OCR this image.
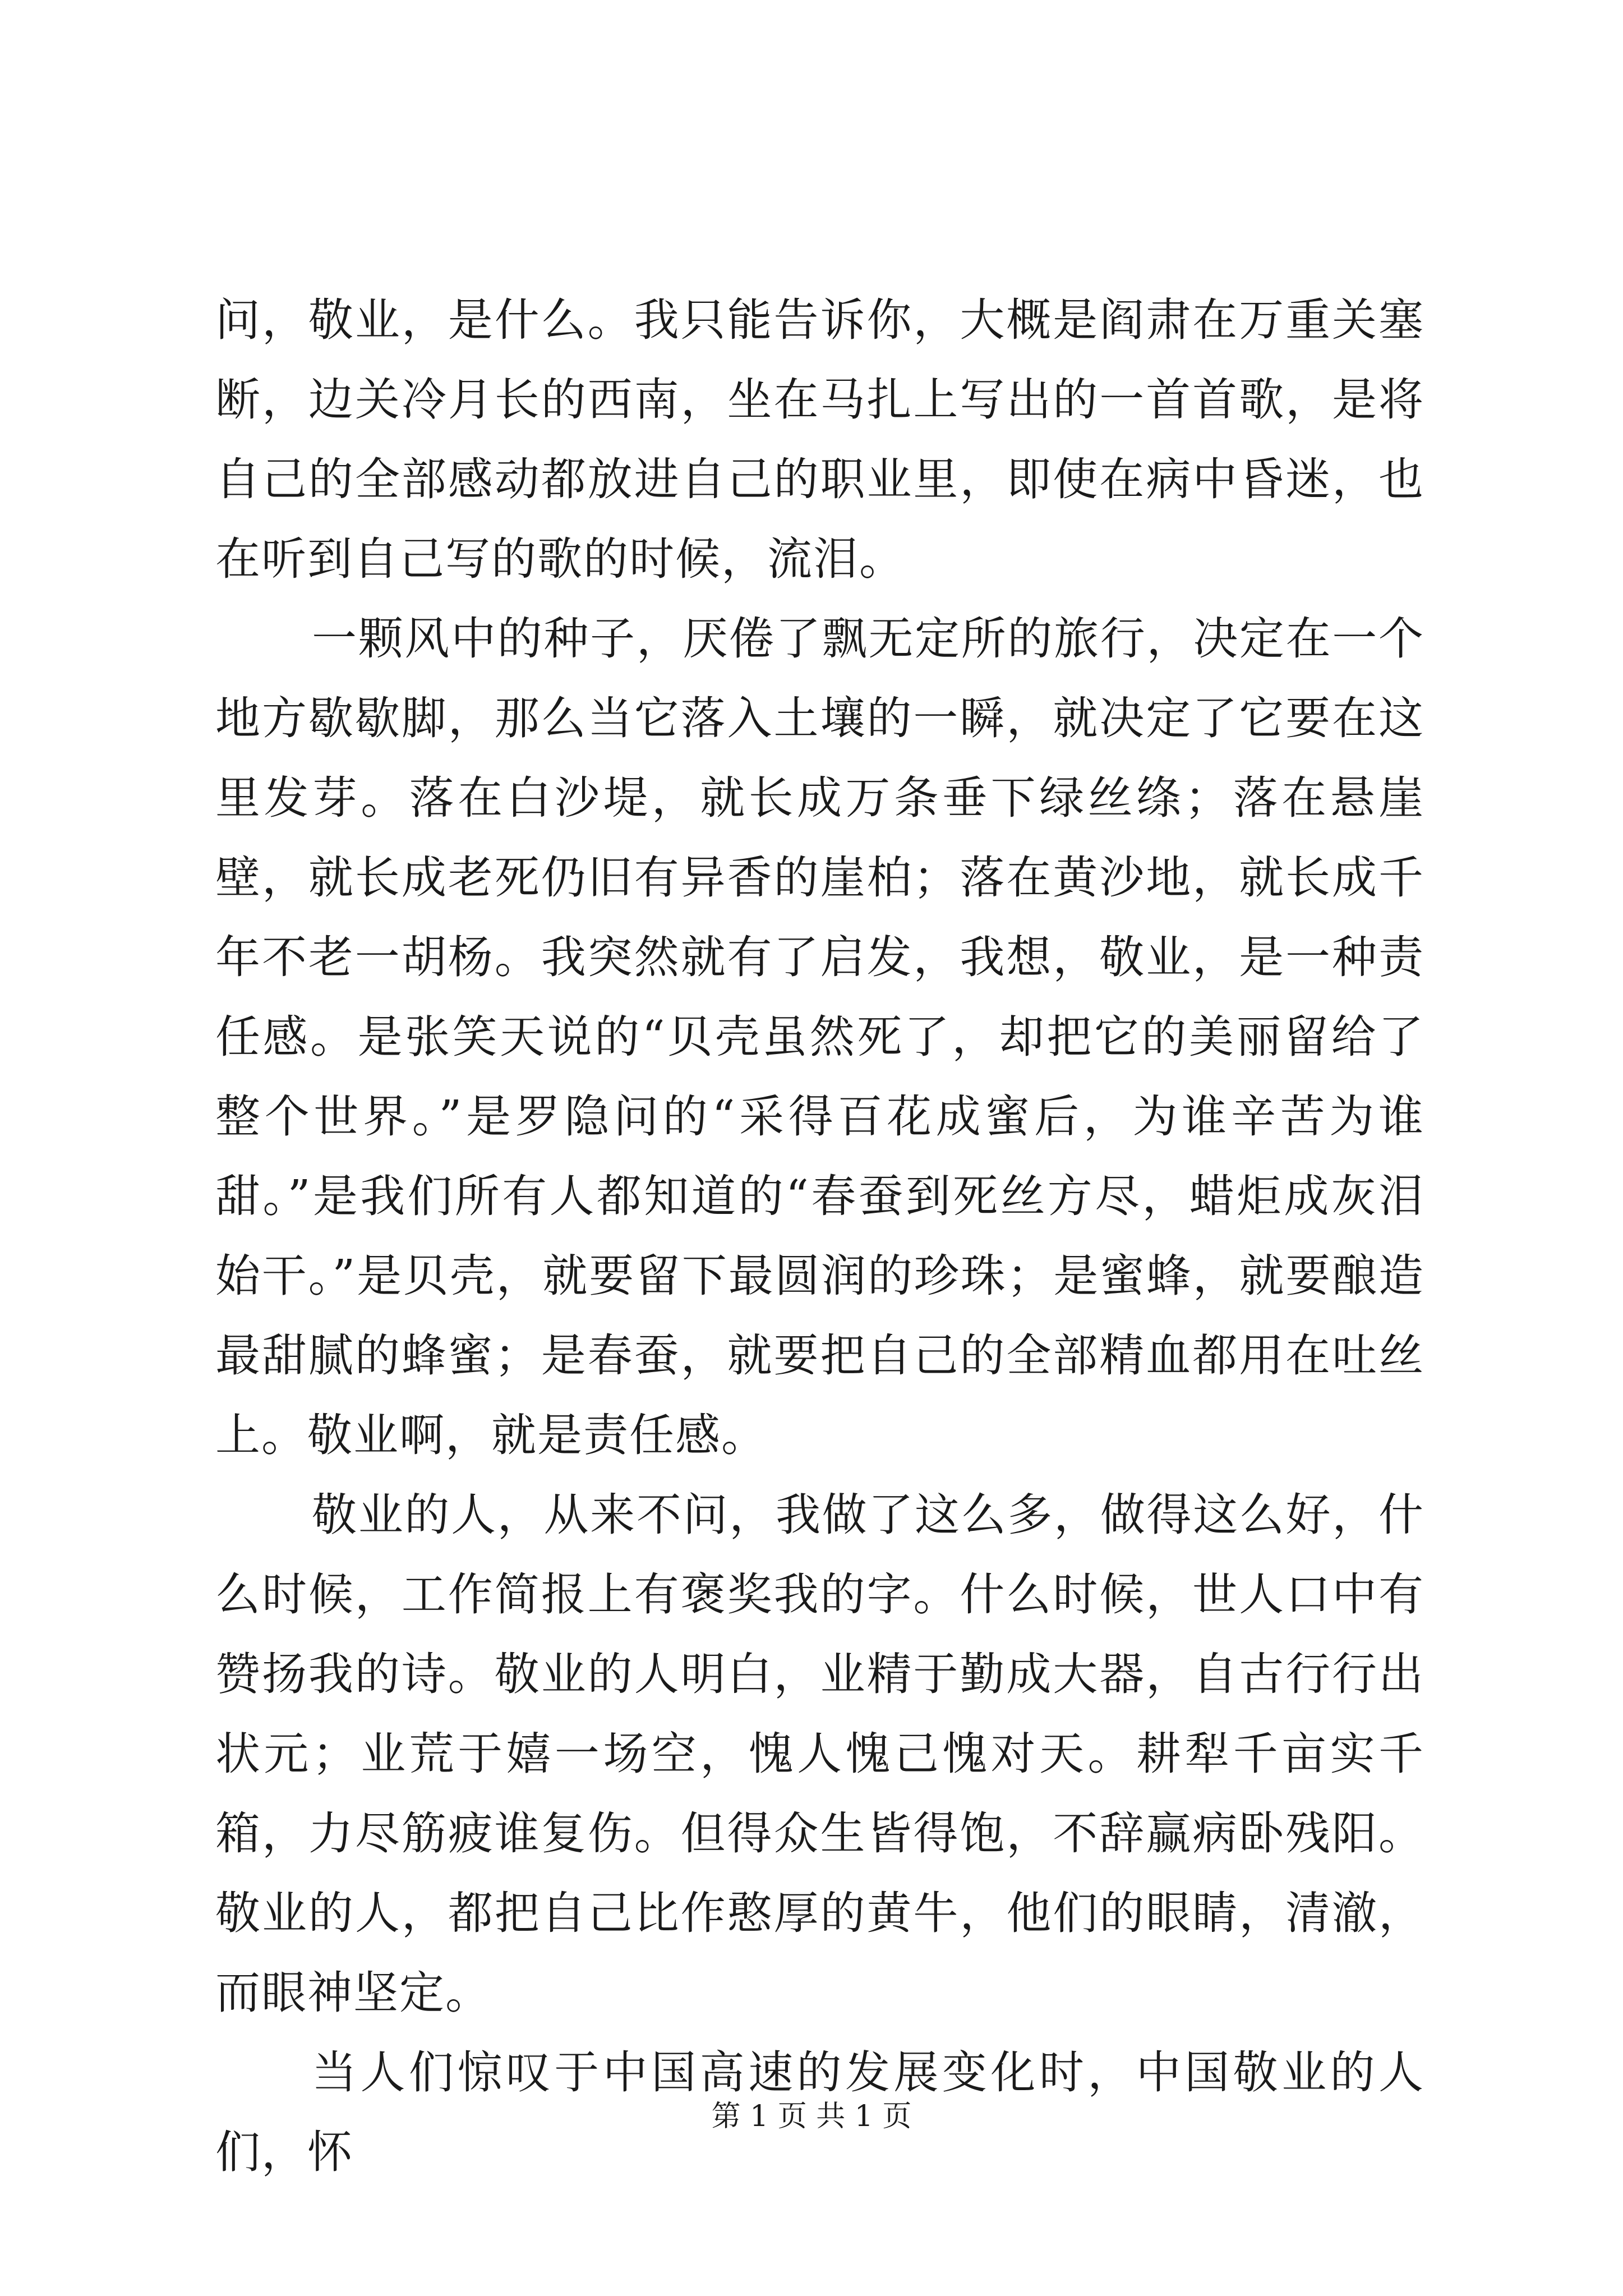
问，敬业，是什么。我只能告诉你，大概是阎肃在万重关塞断，边关冷月长的西南，坐在马扎上写出的一首首歌，是将自己的全部感动都放进自己的职业里，即使在病中昏迷，也在听到自己写的歌的时候，流泪。

一颗风中的种子，厌倦了飘无定所的旅行，决定在一个地方歇歇脚，那么当它落入土壤的一瞬，就决定了它要在这里发芽。落在白沙堤，就长成万条垂下绿丝绦；落在悬崖壁，就长成老死仍旧有异香的崖柏；落在黄沙地，就长成千年不老一胡杨。我突然就有了启发，我想，敬业，是一种责任感。是张笑天说的“贝壳虽然死了，却把它的美丽留给了整个世界。”是罗隐问的“采得百花成蜜后，为谁辛苦为谁甜。”是我们所有人都知道的“春蚕到死丝方尽，蜡炬成灰泪始干。”是贝壳，就要留下最圆润的珍珠；是蜜蜂，就要酿造最甜腻的蜂蜜；是春蚕，就要把自己的全部精血都用在吐丝上。敬业啊，就是责任感。

敬业的人，从来不问，我做了这么多，做得这么好，什么时候，工作简报上有褒奖我的字。什么时候，世人口中有赞扬我的诗。敬业的人明白，业精于勤成大器，自古行行出状元；业荒于嬉一场空，愧人愧己愧对天。耕犁千亩实千箱，力尽筋疲谁复伤。但得众生皆得饱，不辞赢病卧残阳。敬业的人，都把自己比作憨厚的黄牛，他们的眼睛，清澈，而眼神坚定。

当人们惊叹于中国高速的发展变化时，中国敬业的人们，怀

第 1 页 共 1 页
